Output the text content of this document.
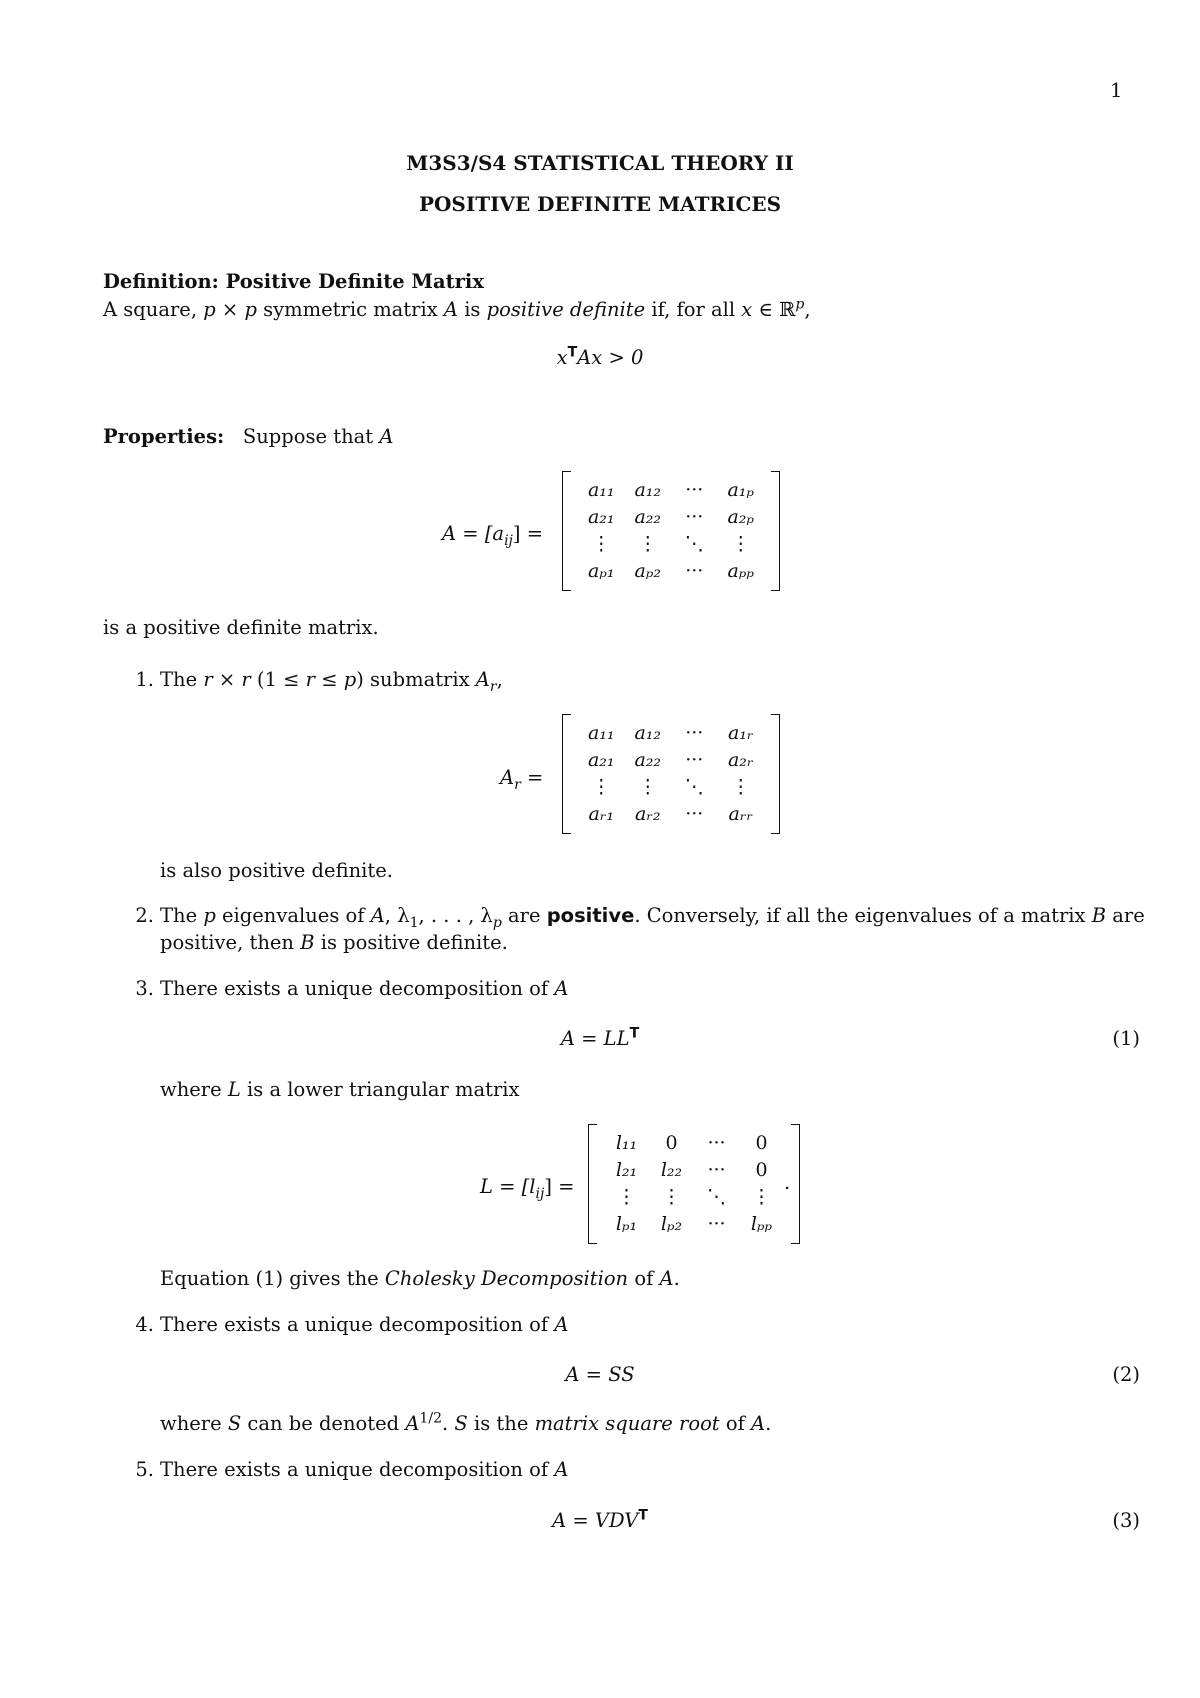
1
M3S3/S4 STATISTICAL THEORY II
POSITIVE DEFINITE MATRICES
Definition: Positive Definite Matrix
A square, p × p symmetric matrix A is positive definite if, for all x ∈ ℝ$^p$,
$x^TAx > 0$
Properties: Suppose that A
$A = [a_{ij}]$ =
a₁₁	a₁₂	···	a₁ₚ
a₂₁	a₂₂	···	a₂ₚ
⋮	⋮	⋱	⋮
aₚ₁	aₚ₂	···	aₚₚ
is a positive definite matrix.
1. The r × r (1 ≤ r ≤ p) submatrix $A_r$,
$A_r$ =
a₁₁	a₁₂	···	a₁ᵣ
a₂₁	a₂₂	···	a₂ᵣ
⋮	⋮	⋱	⋮
aᵣ₁	aᵣ₂	···	aᵣᵣ
is also positive definite.
2. The p eigenvalues of A, $\lambda_1$, . . . , $\lambda_p$ are positive. Conversely, if all the eigenvalues of a matrix B are
positive, then B is positive definite.
3. There exists a unique decomposition of A
$A = LL^T$	(1)
where L is a lower triangular matrix
$L = [l_{ij}]$ =
l₁₁	0	···	0
l₂₁	l₂₂	···	0
⋮	⋮	⋱	⋮
lₚ₁	lₚ₂	···	lₚₚ
.
Equation (1) gives the Cholesky Decomposition of A.
4. There exists a unique decomposition of A
A = SS	(2)
where S can be denoted $A^{1/2}$. S is the matrix square root of A.
5. There exists a unique decomposition of A
$A = VDV^T$	(3)
